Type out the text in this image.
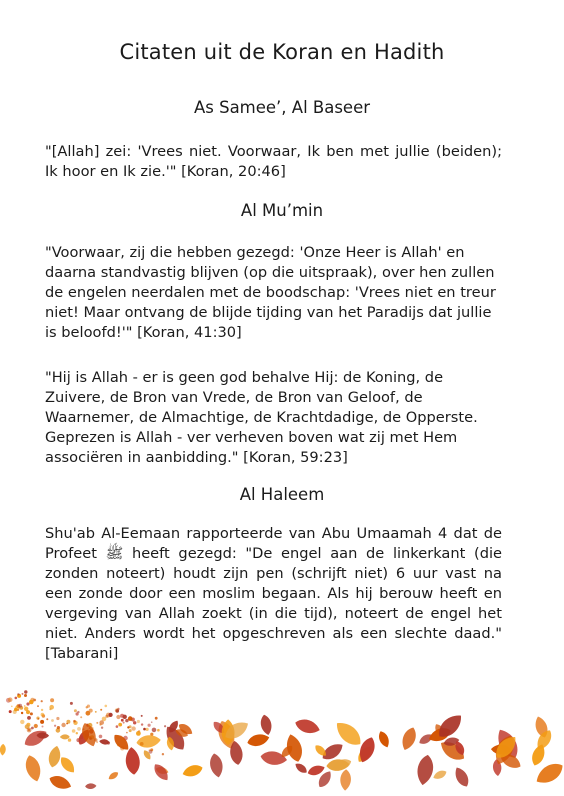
Citaten uit de Koran en Hadith
As Samee’, Al Baseer

"[Allah] zei: 'Vrees niet. Voorwaar, Ik ben met jullie (beiden); Ik hoor en Ik zie.'" [Koran, 20:46]

Al Mu’min

"Voorwaar, zij die hebben gezegd: 'Onze Heer is Allah' en daarna standvastig blijven (op die uitspraak), over hen zullen de engelen neerdalen met de boodschap: 'Vrees niet en treur niet! Maar ontvang de blijde tijding van het Paradijs dat jullie is beloofd!'" [Koran, 41:30]

"Hij is Allah - er is geen god behalve Hij: de Koning, de Zuivere, de Bron van Vrede, de Bron van Geloof, de Waarnemer, de Almachtige, de Krachtdadige, de Opperste. Geprezen is Allah - ver verheven boven wat zij met Hem associëren in aanbidding." [Koran, 59:23]

Al Haleem

Shu'ab Al-Eemaan rapporteerde van Abu Umaamah 4 dat de Profeet ﷺ heeft gezegd: "De engel aan de linkerkant (die zonden noteert) houdt zijn pen (schrijft niet) 6 uur vast na een zonde door een moslim begaan. Als hij berouw heeft en vergeving van Allah zoekt (in die tijd), noteert de engel het niet. Anders wordt het opgeschreven als een slechte daad." [Tabarani]
